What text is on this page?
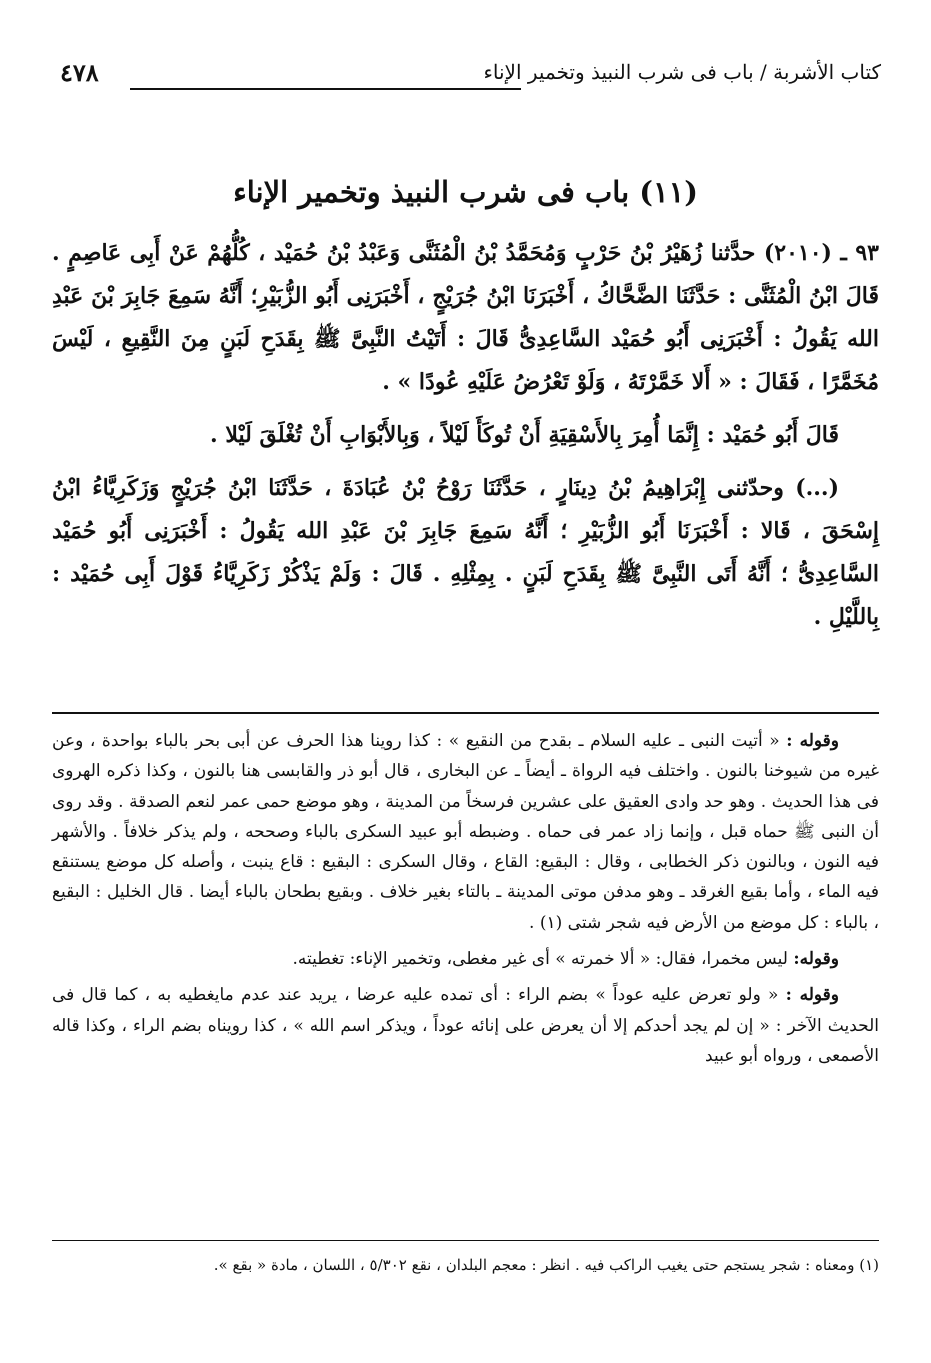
كتاب الأشربة / باب فى شرب النبيذ وتخمير الإناء
٤٧٨
(١١) باب فى شرب النبيذ وتخمير الإناء

٩٣ ـ (٢٠١٠) حدَّثنا زُهَيْرُ بْنُ حَرْبٍ وَمُحَمَّدُ بْنُ الْمُثَنَّى وَعَبْدُ بْنُ حُمَيْد ، كُلُّهُمْ عَنْ أَبِى عَاصِمٍ . قَالَ ابْنُ الْمُثَنَّى : حَدَّثَنَا الضَّحَّاكُ ، أَخْبَرَنَا ابْنُ جُرَيْجٍ ، أَخْبَرَنِى أَبُو الزُّبَيْرِ؛ أَنَّهُ سَمِعَ جَابِرَ بْنَ عَبْدِ الله يَقُولُ : أَخْبَرَنِى أَبُو حُمَيْد السَّاعِدِىُّ قَالَ : أَتَيْتُ النَّبِىَّ ﷺ بِقَدَحِ لَبَنٍ مِنَ النَّقِيعِ ، لَيْسَ مُخَمَّرًا ، فَقَالَ : « أَلا خَمَّرْتَهُ ، وَلَوْ تَعْرُضُ عَلَيْهِ عُودًا » .

قَالَ أَبُو حُمَيْد : إِنَّمَا أُمِرَ بِالأَسْقِيَةِ أَنْ تُوكَأَ لَيْلاً ، وَبِالأَبْوَابِ أَنْ تُغْلَقَ لَيْلا .

(...) وحدّثنى إِبْرَاهِيمُ بْنُ دِينَارٍ ، حَدَّثَنَا رَوْحُ بْنُ عُبَادَةَ ، حَدَّثَنَا ابْنُ جُرَيْجٍ وَزَكَرِيَّاءُ ابْنُ إِسْحَقَ ، قَالا : أَخْبَرَنَا أَبُو الزُّبَيْرِ ؛ أَنَّهُ سَمِعَ جَابِرَ بْنَ عَبْدِ الله يَقُولُ : أَخْبَرَنِى أَبُو حُمَيْد السَّاعِدِىُّ ؛ أَنَّهُ أَتَى النَّبِىَّ ﷺ بِقَدَحِ لَبَنٍ . بِمِثْلِهِ . قَالَ : وَلَمْ يَذْكُرْ زَكَرِيَّاءُ قَوْلَ أَبِى حُمَيْد : بِاللَّيْلِ .

وقوله : « أتيت النبى ـ عليه السلام ـ بقدح من النقيع » : كذا روينا هذا الحرف عن أبى بحر بالباء بواحدة ، وعن غيره من شيوخنا بالنون . واختلف فيه الرواة ـ أيضاً ـ عن البخارى ، قال أبو ذر والقابسى هنا بالنون ، وكذا ذكره الهروى فى هذا الحديث . وهو حد وادى العقيق على عشرين فرسخاً من المدينة ، وهو موضع حمى عمر لنعم الصدقة . وقد روى أن النبى ﷺ حماه قبل ، وإنما زاد عمر فى حماه . وضبطه أبو عبيد السكرى بالباء وصححه ، ولم يذكر خلافاً . والأشهر فيه النون ، وبالنون ذكر الخطابى ، وقال : البقيع: القاع ، وقال السكرى : البقيع : قاع ينبت ، وأصله كل موضع يستنقع فيه الماء ، وأما بقيع الغرقد ـ وهو مدفن موتى المدينة ـ بالتاء بغير خلاف . وبقيع بطحان بالباء أيضا . قال الخليل : البقيع ، بالباء : كل موضع من الأرض فيه شجر شتى (١) .

وقوله: ليس مخمرا، فقال: « ألا خمرته » أى غير مغطى، وتخمير الإناء: تغطيته.

وقوله : « ولو تعرض عليه عوداً » بضم الراء : أى تمده عليه عرضا ، يريد عند عدم مايغطيه به ، كما قال فى الحديث الآخر : « إن لم يجد أحدكم إلا أن يعرض على إنائه عوداً ، ويذكر اسم الله » ، كذا رويناه بضم الراء ، وكذا قاله الأصمعى ، ورواه أبو عبيد

(١) ومعناه : شجر يستجم حتى يغيب الراكب فيه . انظر : معجم البلدان ، نقع ٥/٣٠٢ ، اللسان ، مادة « بقع ».
